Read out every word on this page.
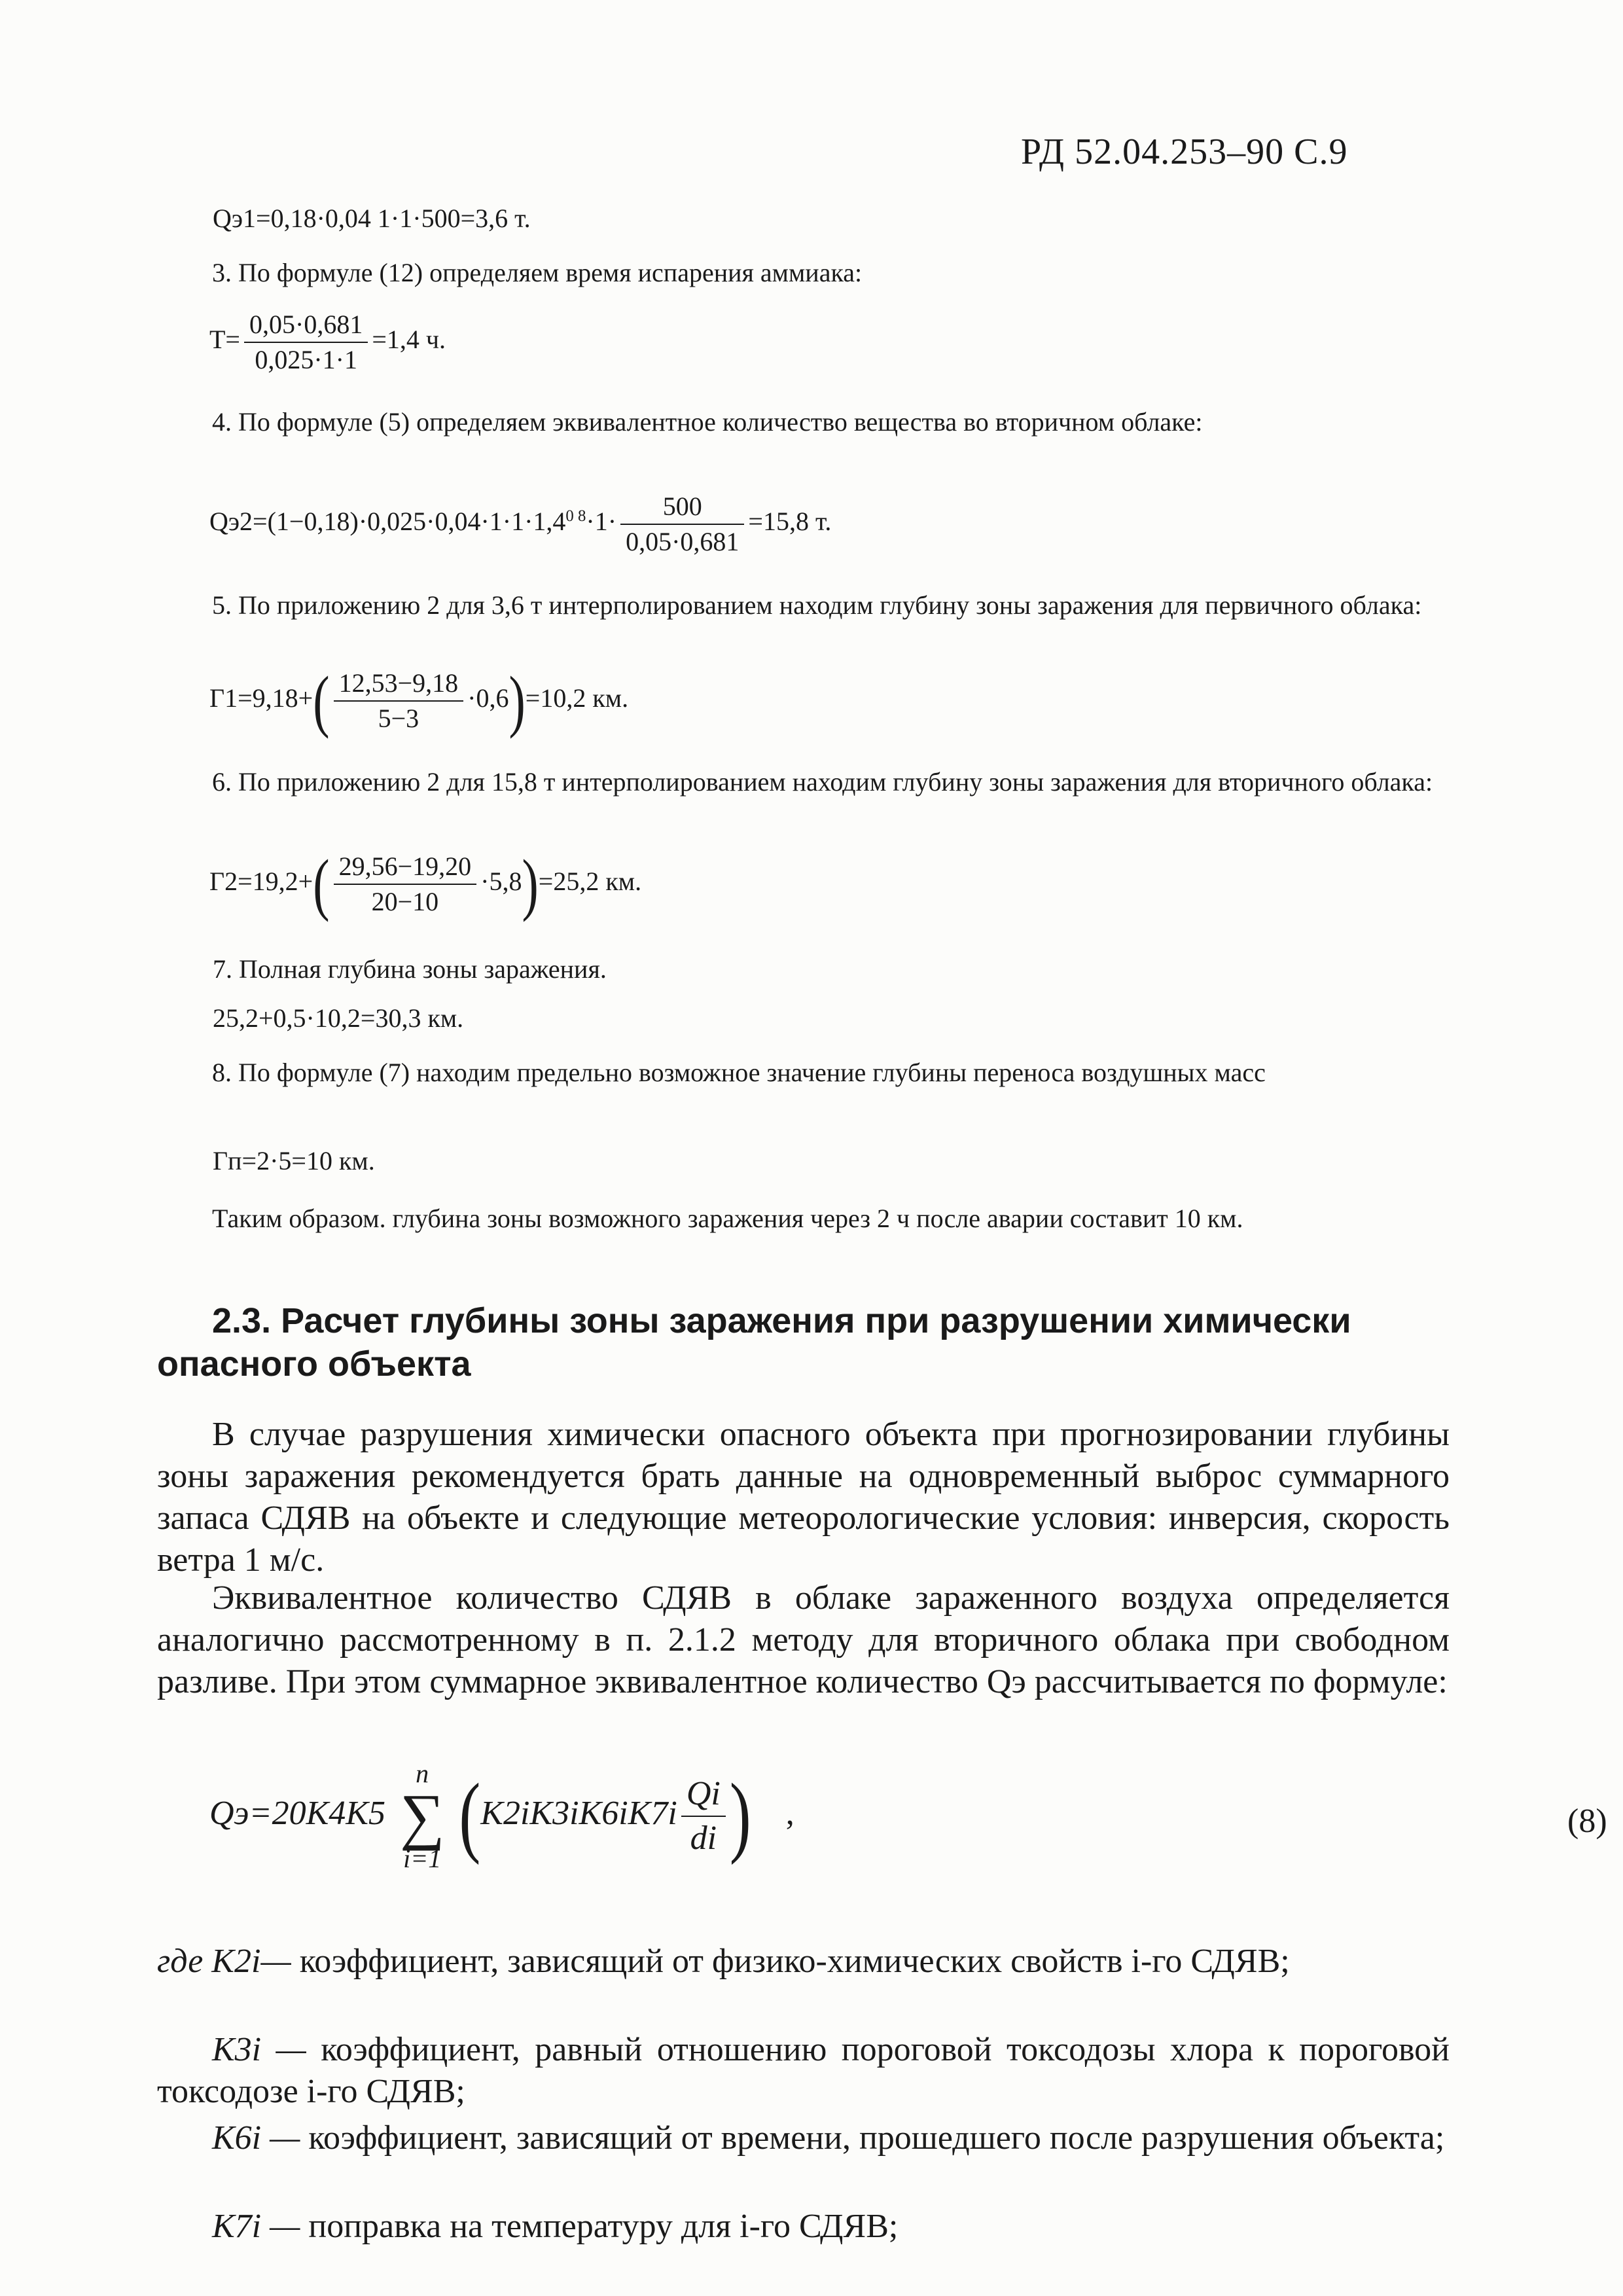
РД 52.04.253–90 С.9
Qэ1=0,18·0,04 1·1·500=3,6 т.
3. По формуле (12) определяем время испарения аммиака:
$T= \frac{0,05\cdot 0,681}{0,025\cdot 1\cdot 1} =1,4$ ч.
4. По формуле (5) определяем эквивалентное количество вещества во вторичном облаке:
$Qэ2=(1-0,18)\cdot 0,025\cdot 0,04\cdot 1\cdot 1\cdot 1,4^{0 8}\cdot 1\cdot \frac{500}{0,05\cdot 0,681} =15,8$ т.
5. По приложению 2 для 3,6 т интерполированием находим глубину зоны заражения для первичного облака:
$Г1=9,18+( \frac{12,53-9,18}{5-3} \cdot 0,6)=10,2$ км.
6. По приложению 2 для 15,8 т интерполированием находим глубину зоны заражения для вторичного облака:
$Г2=19,2+( \frac{29,56-19,20}{20-10} \cdot 5,8)=25,2$ км.
7. Полная глубина зоны заражения.
25,2+0,5·10,2=30,3 км.
8. По формуле (7) находим предельно возможное значение глубины переноса воздушных масс
Гп=2·5=10 км.
Таким образом. глубина зоны возможного заражения через 2 ч после аварии составит 10 км.
2.3. Расчет глубины зоны заражения при разрушении химически опасного объекта
В случае разрушения химически опасного объекта при прогнозировании глубины зоны заражения рекомендуется брать данные на одновременный выброс суммарного запаса СДЯВ на объекте и следующие метеорологические условия: инверсия, скорость ветра 1 м/с.
Эквивалентное количество СДЯВ в облаке зараженного воздуха определяется аналогично рассмотренному в п. 2.1.2 методу для вторичного облака при свободном разливе. При этом суммарное эквивалентное количество Qэ рассчитывается по формуле:
Qэ=20K4K5n
∑
i=1 ($K2iK3iK6iK7i \frac{Qi}{di}$ ) ,	(8)
где K2i— коэффициент, зависящий от физико-химических свойств i-го СДЯВ;
K3i — коэффициент, равный отношению пороговой токсодозы хлора к пороговой токсодозе i-го СДЯВ;
K6i — коэффициент, зависящий от времени, прошедшего после разрушения объекта;
K7i — поправка на температуру для i-го СДЯВ;
